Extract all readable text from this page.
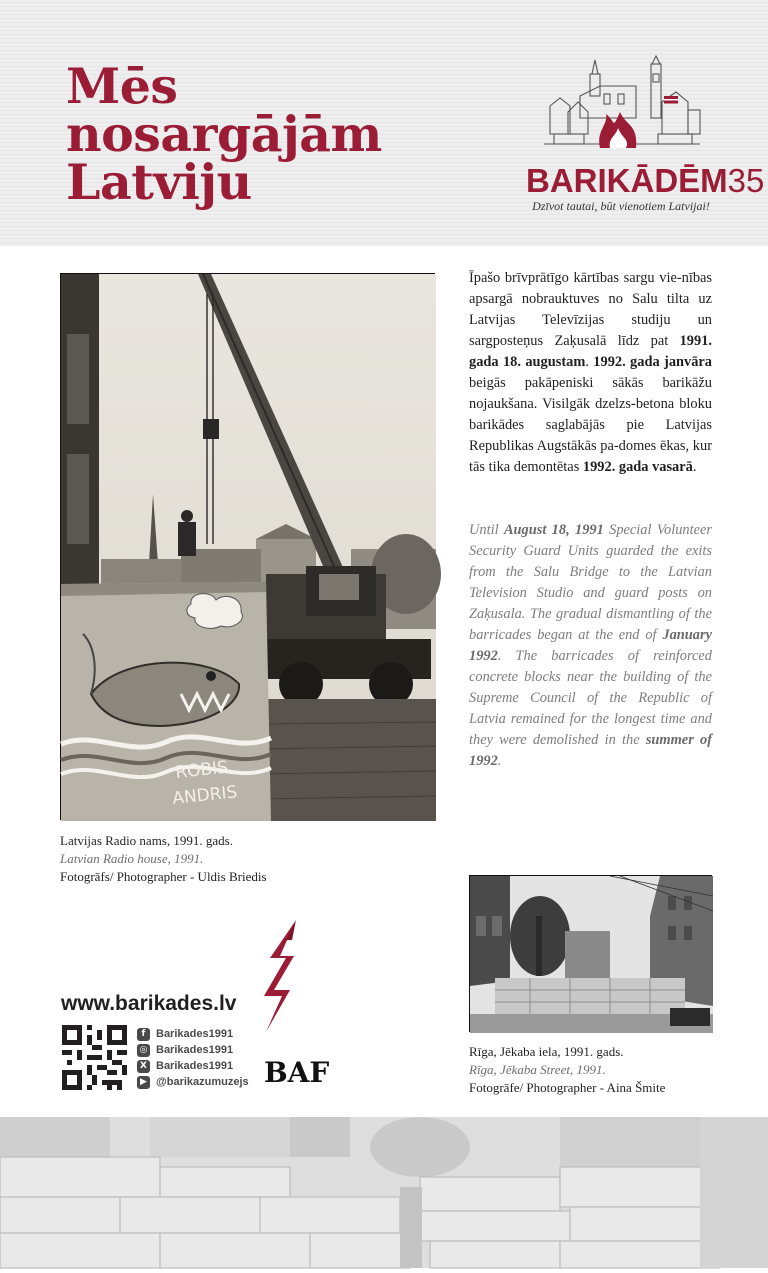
Mēs
nosargājām
Latviju	BARIKĀDĒM35
Dzīvot tautai, būt vienotiem Latvijai!
ROBIS
ANDRIS
Latvijas Radio nams, 1991. gads.
Latvian Radio house, 1991.
Fotogrāfs/ Photographer - Uldis Briedis
Īpašo brīvprātīgo kārtības sargu vie-nības apsargā nobrauktuves no Salu tilta uz Latvijas Televīzijas studiju un sargposteņus Zaķusalā līdz pat 1991. gada 18. augustam. 1992. gada janvāra beigās pakāpeniski sākās barikāžu nojaukšana. Visilgāk dzelzs-betona bloku barikādes saglabājās pie Latvijas Republikas Augstākās pa-domes ēkas, kur tās tika demontētas 1992. gada vasarā.
Until August 18, 1991 Special Volunteer Security Guard Units guarded the exits from the Salu Bridge to the Latvian Television Studio and guard posts on Zaķusala. The gradual dismantling of the barricades began at the end of January 1992. The barricades of reinforced concrete blocks near the building of the Supreme Council of the Republic of Latvia remained for the longest time and they were demolished in the summer of 1992.
Rīga, Jēkaba iela, 1991. gads.
Rīga, Jēkaba Street, 1991.
Fotogrāfe/ Photographer - Aina Šmite
www.barikades.lv
f Barikades1991
◎ Barikades1991
X Barikades1991
▶ @barikazumuzejs BAF
